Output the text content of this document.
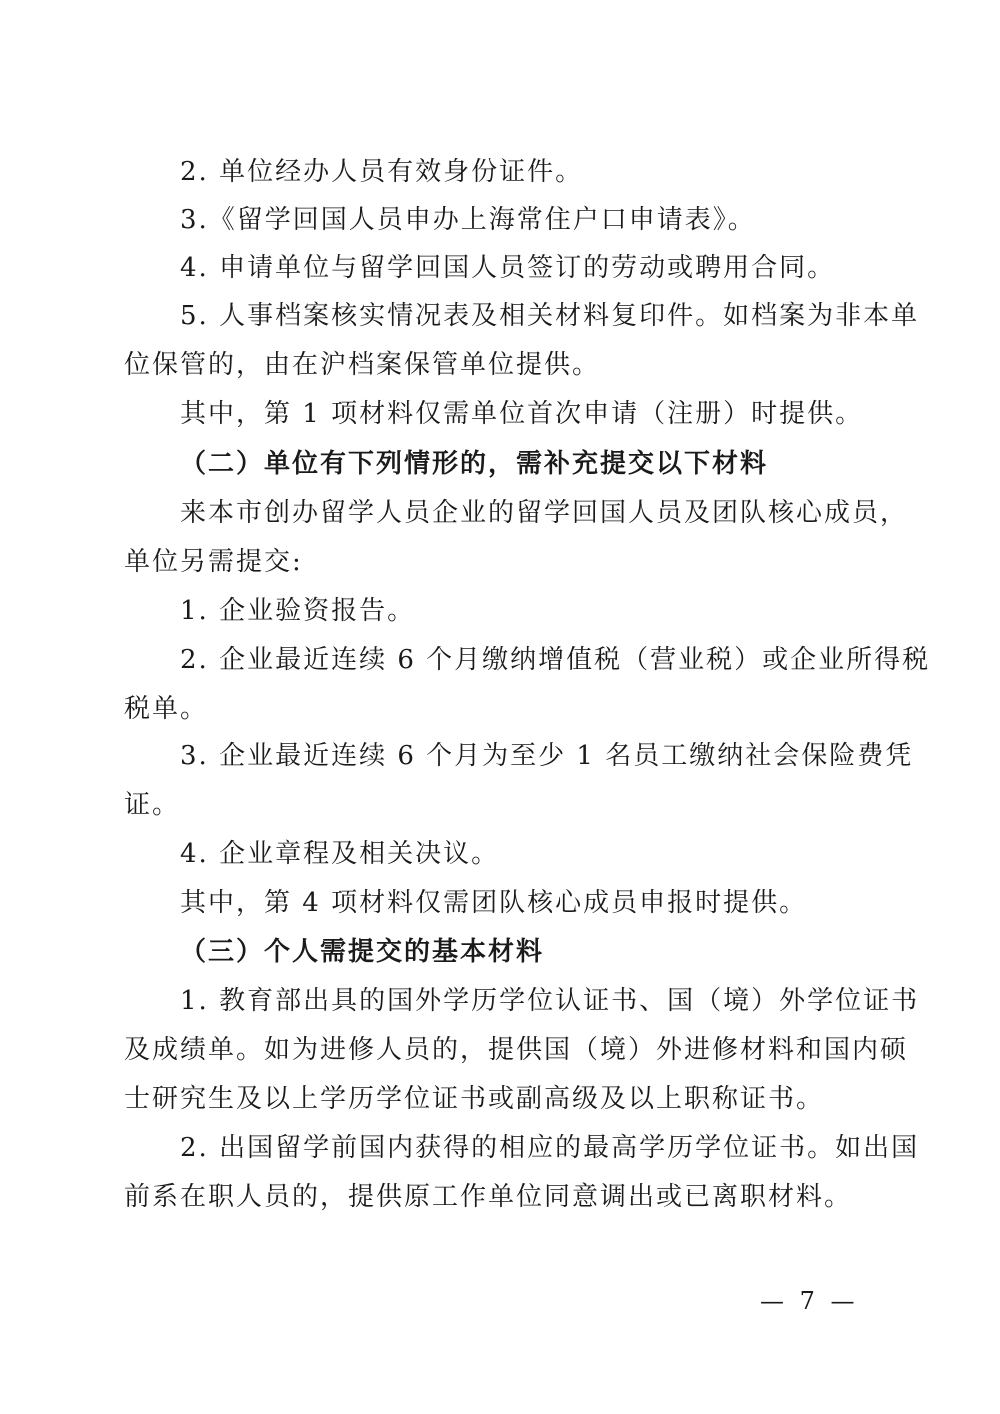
2. 单位经办人员有效身份证件。
3.《留学回国人员申办上海常住户口申请表》。
4. 申请单位与留学回国人员签订的劳动或聘用合同。
5. 人事档案核实情况表及相关材料复印件。如档案为非本单
位保管的，由在沪档案保管单位提供。
其中，第 1 项材料仅需单位首次申请（注册）时提供。
（二）单位有下列情形的，需补充提交以下材料
来本市创办留学人员企业的留学回国人员及团队核心成员，
单位另需提交:
1. 企业验资报告。
2. 企业最近连续 6 个月缴纳增值税（营业税）或企业所得税
税单。
3. 企业最近连续 6 个月为至少 1 名员工缴纳社会保险费凭
证。
4. 企业章程及相关决议。
其中，第 4 项材料仅需团队核心成员申报时提供。
（三）个人需提交的基本材料
1. 教育部出具的国外学历学位认证书、国（境）外学位证书
及成绩单。如为进修人员的，提供国（境）外进修材料和国内硕
士研究生及以上学历学位证书或副高级及以上职称证书。
2. 出国留学前国内获得的相应的最高学历学位证书。如出国
前系在职人员的，提供原工作单位同意调出或已离职材料。
— 7 —
